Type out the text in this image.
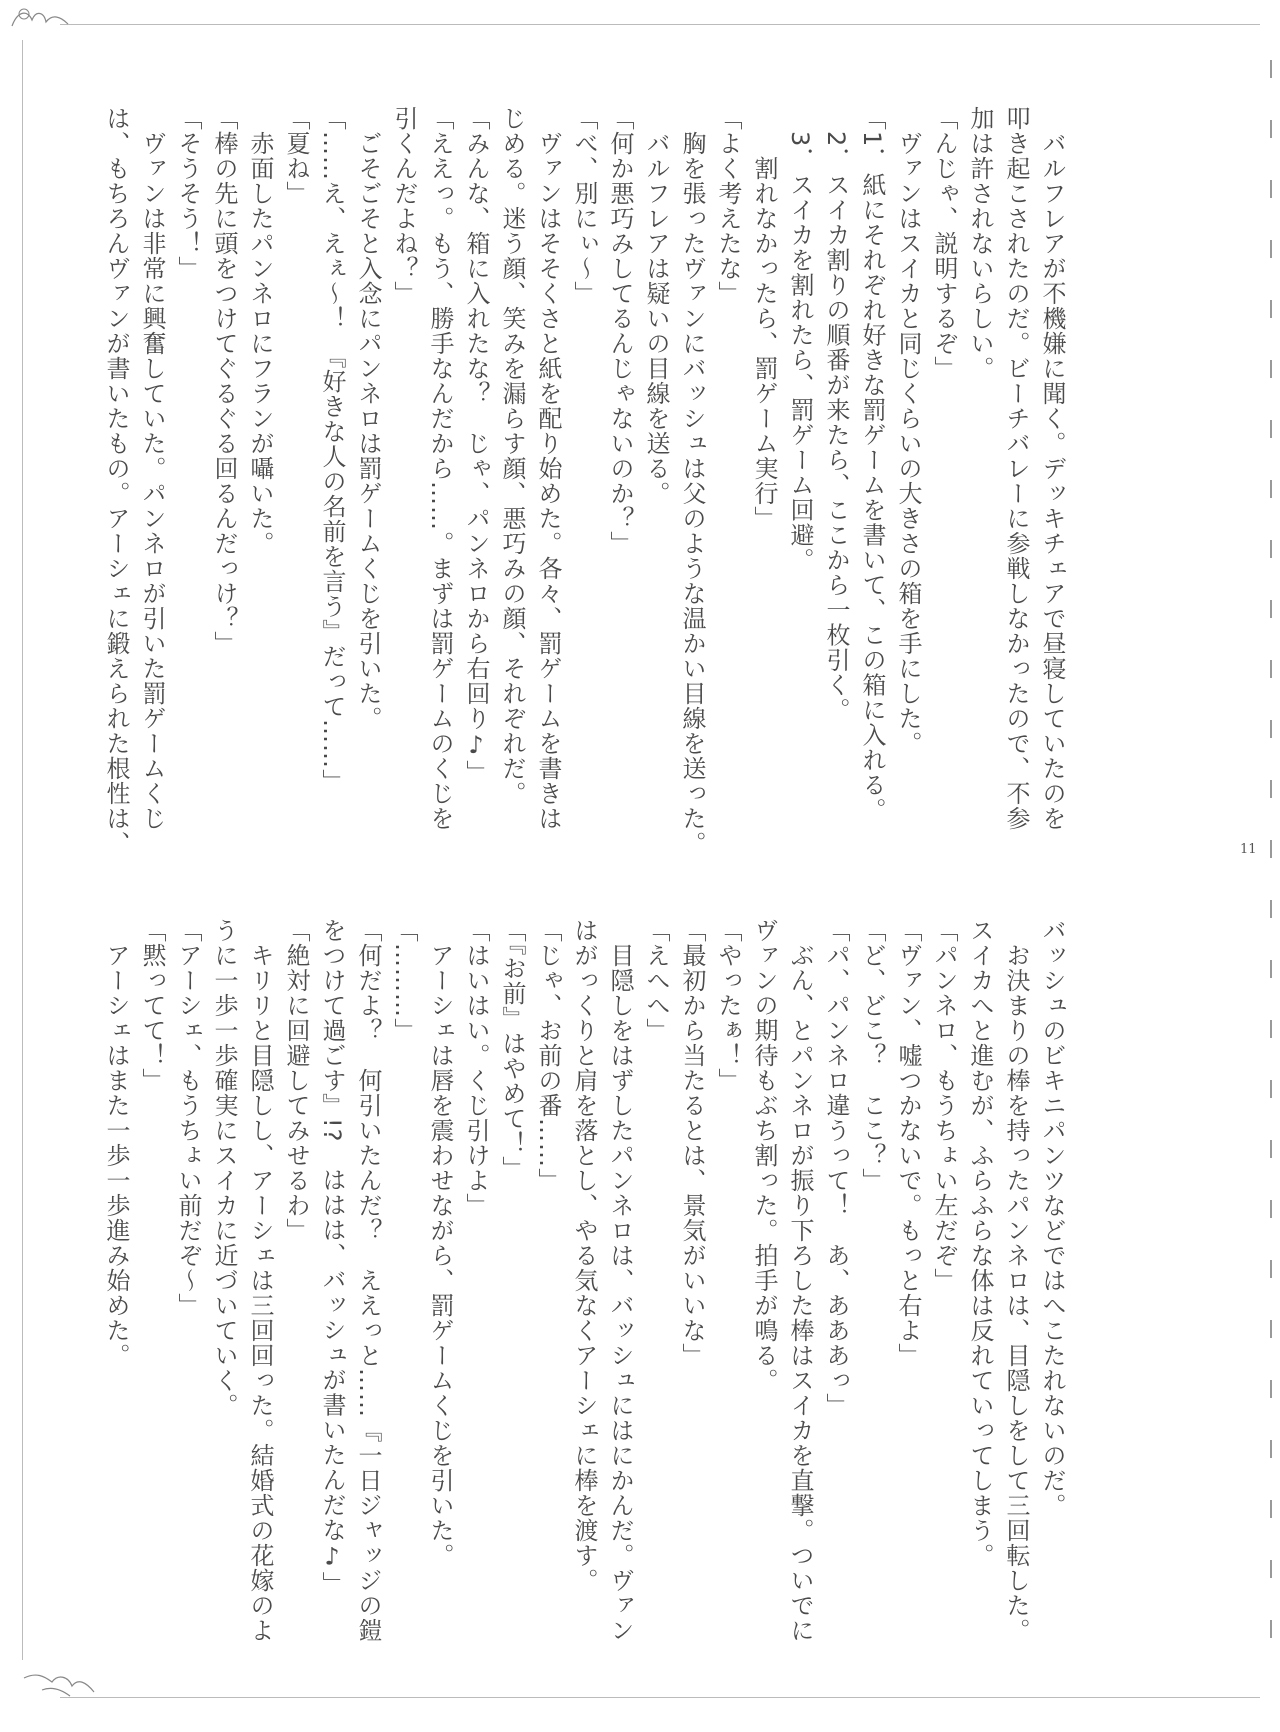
　バルフレアが不機嫌に聞く。デッキチェアで昼寝していたのを
叩き起こされたのだ。ビーチバレーに参戦しなかったので、不参
加は許されないらしい。
「んじゃ、説明するぞ」
　ヴァンはスイカと同じくらいの大きさの箱を手にした。
「1．紙にそれぞれ好きな罰ゲームを書いて、この箱に入れる。
　2．スイカ割りの順番が来たら、ここから一枚引く。
　3．スイカを割れたら、罰ゲーム回避。
　　割れなかったら、罰ゲーム実行」
「よく考えたな」
　胸を張ったヴァンにバッシュは父のような温かい目線を送った。
　バルフレアは疑いの目線を送る。
「何か悪巧みしてるんじゃないのか？」
「べ、別にぃ～」
　ヴァンはそそくさと紙を配り始めた。各々、罰ゲームを書きは
じめる。迷う顔、笑みを漏らす顔、悪巧みの顔、それぞれだ。
「みんな、箱に入れたな？　じゃ、パンネロから右回り♪」
「ええっ。もう、勝手なんだから……。まずは罰ゲームのくじを
引くんだよね？」
　ごそごそと入念にパンネロは罰ゲームくじを引いた。
「……え、えぇ～！　『好きな人の名前を言う』だって……」
「夏ね」
　赤面したパンネロにフランが囁いた。
「棒の先に頭をつけてぐるぐる回るんだっけ？」
「そうそう！」
　ヴァンは非常に興奮していた。パンネロが引いた罰ゲームくじ
は、もちろんヴァンが書いたもの。アーシェに鍛えられた根性は、	11
バッシュのビキニパンツなどではへこたれないのだ。
　お決まりの棒を持ったパンネロは、目隠しをして三回転した。
スイカへと進むが、ふらふらな体は反れていってしまう。
「パンネロ、もうちょい左だぞ」
「ヴァン、嘘つかないで。もっと右よ」
「ど、どこ？　ここ？」
「パ、パンネロ違うって！　あ、あああっ」
　ぶん、とパンネロが振り下ろした棒はスイカを直撃。ついでに
ヴァンの期待もぶち割った。拍手が鳴る。
「やったぁ！」
「最初から当たるとは、景気がいいな」
「えへへ」
　目隠しをはずしたパンネロは、バッシュにはにかんだ。ヴァン
はがっくりと肩を落とし、やる気なくアーシェに棒を渡す。
「じゃ、お前の番……」
「『お前』はやめて！」
「はいはい。くじ引けよ」
　アーシェは唇を震わせながら、罰ゲームくじを引いた。
「………」
「何だよ？　何引いたんだ？　ええっと……『一日ジャッジの鎧
をつけて過ごす』!?　ははは、バッシュが書いたんだな♪」
「絶対に回避してみせるわ」
　キリリと目隠しし、アーシェは三回回った。結婚式の花嫁のよ
うに一歩一歩確実にスイカに近づいていく。
「アーシェ、もうちょい前だぞ～」
「黙ってて！」
　アーシェはまた一歩一歩進み始めた。
